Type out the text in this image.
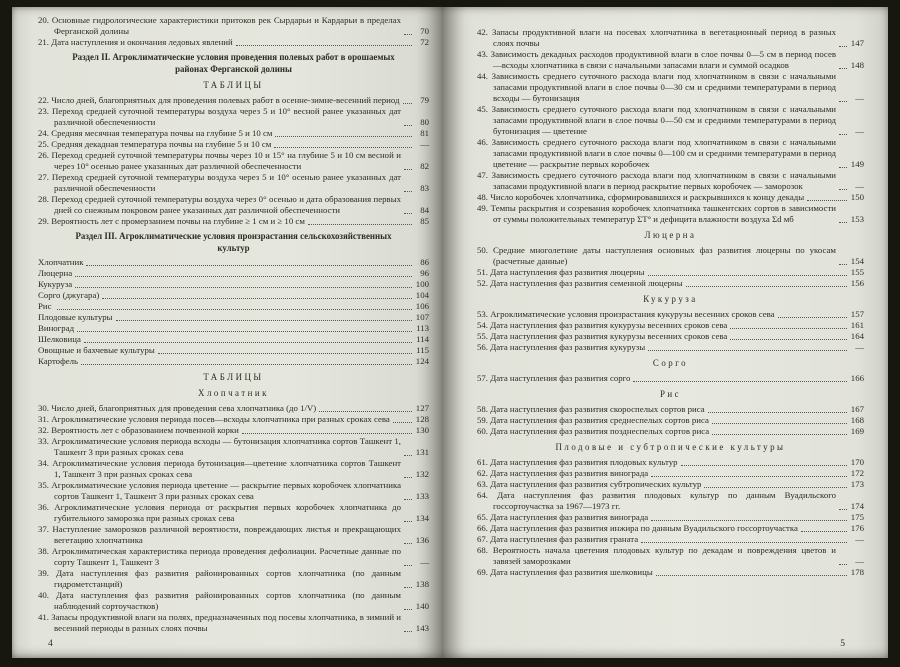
20. Основные гидрологические характеристики притоков рек Сырдарьи и Кардарьи в пределах Ферганской долины	70
21. Дата наступления и окончания ледовых явлений	72
Раздел II. Агроклиматические условия проведения полевых работ в орошаемых районах Ферганской долины
ТАБЛИЦЫ
22. Число дней, благоприятных для проведения полевых работ в осенне-зимне-весенний период	79
23. Переход средней суточной температуры воздуха через 5 и 10° весной ранее указанных дат различной обеспеченности	80
24. Средняя месячная температура почвы на глубине 5 и 10 см	81
25. Средняя декадная температура почвы на глубине 5 и 10 см	—
26. Переход средней суточной температуры почвы через 10 и 15° на глубине 5 и 10 см весной и через 10° осенью ранее указанных дат различной обеспеченности	82
27. Переход средней суточной температуры воздуха через 5 и 10° осенью ранее указанных дат различной обеспеченности	83
28. Переход средней суточной температуры воздуха через 0° осенью и дата образования первых дней со снежным покровом ранее указанных дат различной обеспеченности	84
29. Вероятность лет с промерзанием почвы на глубине ≥ 1 см и ≥ 10 см	85
Раздел III. Агроклиматические условия произрастания сельскохозяйственных культур
Хлопчатник	86
Люцерна	96
Кукуруза	100
Сорго (джугара)	104
Рис	106
Плодовые культуры	107
Виноград	113
Шелковица	114
Овощные и бахчевые культуры	115
Картофель	124
ТАБЛИЦЫ
Хлопчатник
30. Число дней, благоприятных для проведения сева хлопчатника (до 1/V)	127
31. Агроклиматические условия периода посев—всходы хлопчатника при разных сроках сева	128
32. Вероятность лет с образованием почвенной корки	130
33. Агроклиматические условия периода всходы — бутонизация хлопчатника сортов Ташкент 1, Ташкент 3 при разных сроках сева	131
34. Агроклиматические условия периода бутонизация—цветение хлопчатника сортов Ташкент 1, Ташкент 3 при разных сроках сева	132
35. Агроклиматические условия периода цветение — раскрытие первых коробочек хлопчатника сортов Ташкент 1, Ташкент 3 при разных сроках сева	133
36. Агроклиматические условия периода от раскрытия первых коробочек хлопчатника до губительного заморозка при разных сроках сева	134
37. Наступление заморозков различной вероятности, повреждающих листья и прекращающих вегетацию хлопчатника	136
38. Агроклиматическая характеристика периода проведения дефолиации. Расчетные данные по сорту Ташкент 1, Ташкент 3	—
39. Дата наступления фаз развития районированных сортов хлопчатника (по данным гидрометстанций)	138
40. Дата наступления фаз развития районированных сортов хлопчатника (по данным наблюдений сортоучастков)	140
41. Запасы продуктивной влаги на полях, предназначенных под посевы хлопчатника, в зимний и весенний периоды в разных слоях почвы	143
4
42. Запасы продуктивной влаги на посевах хлопчатника в вегетационный период в разных слоях почвы	147
43. Зависимость декадных расходов продуктивной влаги в слое почвы 0—5 см в период посев—всходы хлопчатника в связи с начальными запасами влаги и суммой осадков	148
44. Зависимость среднего суточного расхода влаги под хлопчатником в связи с начальными запасами продуктивной влаги в слое почвы 0—30 см и средними температурами в период всходы — бутонизация	—
45. Зависимость среднего суточного расхода влаги под хлопчатником в связи с начальными запасами продуктивной влаги в слое почвы 0—50 см и средними температурами в период бутонизация — цветение	—
46. Зависимость среднего суточного расхода влаги под хлопчатником в связи с начальными запасами продуктивной влаги в слое почвы 0—100 см и средними температурами в период цветение — раскрытие первых коробочек	149
47. Зависимость среднего суточного расхода влаги под хлопчатником в связи с начальными запасами продуктивной влаги в период раскрытие первых коробочек — заморозок	—
48. Число коробочек хлопчатника, сформировавшихся и раскрывшихся к концу декады	150
49. Темпы раскрытия и созревания коробочек хлопчатника ташкентских сортов в зависимости от суммы положительных температур ΣТ° и дефицита влажности воздуха Σd мб	153
Люцерна
50. Средние многолетние даты наступления основных фаз развития люцерны по укосам (расчетные данные)	154
51. Дата наступления фаз развития люцерны	155
52. Дата наступления фаз развития семенной люцерны	156
Кукуруза
53. Агроклиматические условия произрастания кукурузы весенних сроков сева	157
54. Дата наступления фаз развития кукурузы весенних сроков сева	161
55. Дата наступления фаз развития кукурузы весенних сроков сева	164
56. Дата наступления фаз развития кукурузы	—
Сорго
57. Дата наступления фаз развития сорго	166
Рис
58. Дата наступления фаз развития скороспелых сортов риса	167
59. Дата наступления фаз развития среднеспелых сортов риса	168
60. Дата наступления фаз развития позднеспелых сортов риса	169
Плодовые и субтропические культуры
61. Дата наступления фаз развития плодовых культур	170
62. Дата наступления фаз развития винограда	172
63. Дата наступления фаз развития субтропических культур	173
64. Дата наступления фаз развития плодовых культур по данным Вуадильского госсортоучастка за 1967—1973 гг.	174
65. Дата наступления фаз развития винограда	175
66. Дата наступления фаз развития инжира по данным Вуадильского госсортоучастка	176
67. Дата наступления фаз развития граната	—
68. Вероятность начала цветения плодовых культур по декадам и повреждения цветов и завязей заморозками	—
69. Дата наступления фаз развития шелковицы	178
5
